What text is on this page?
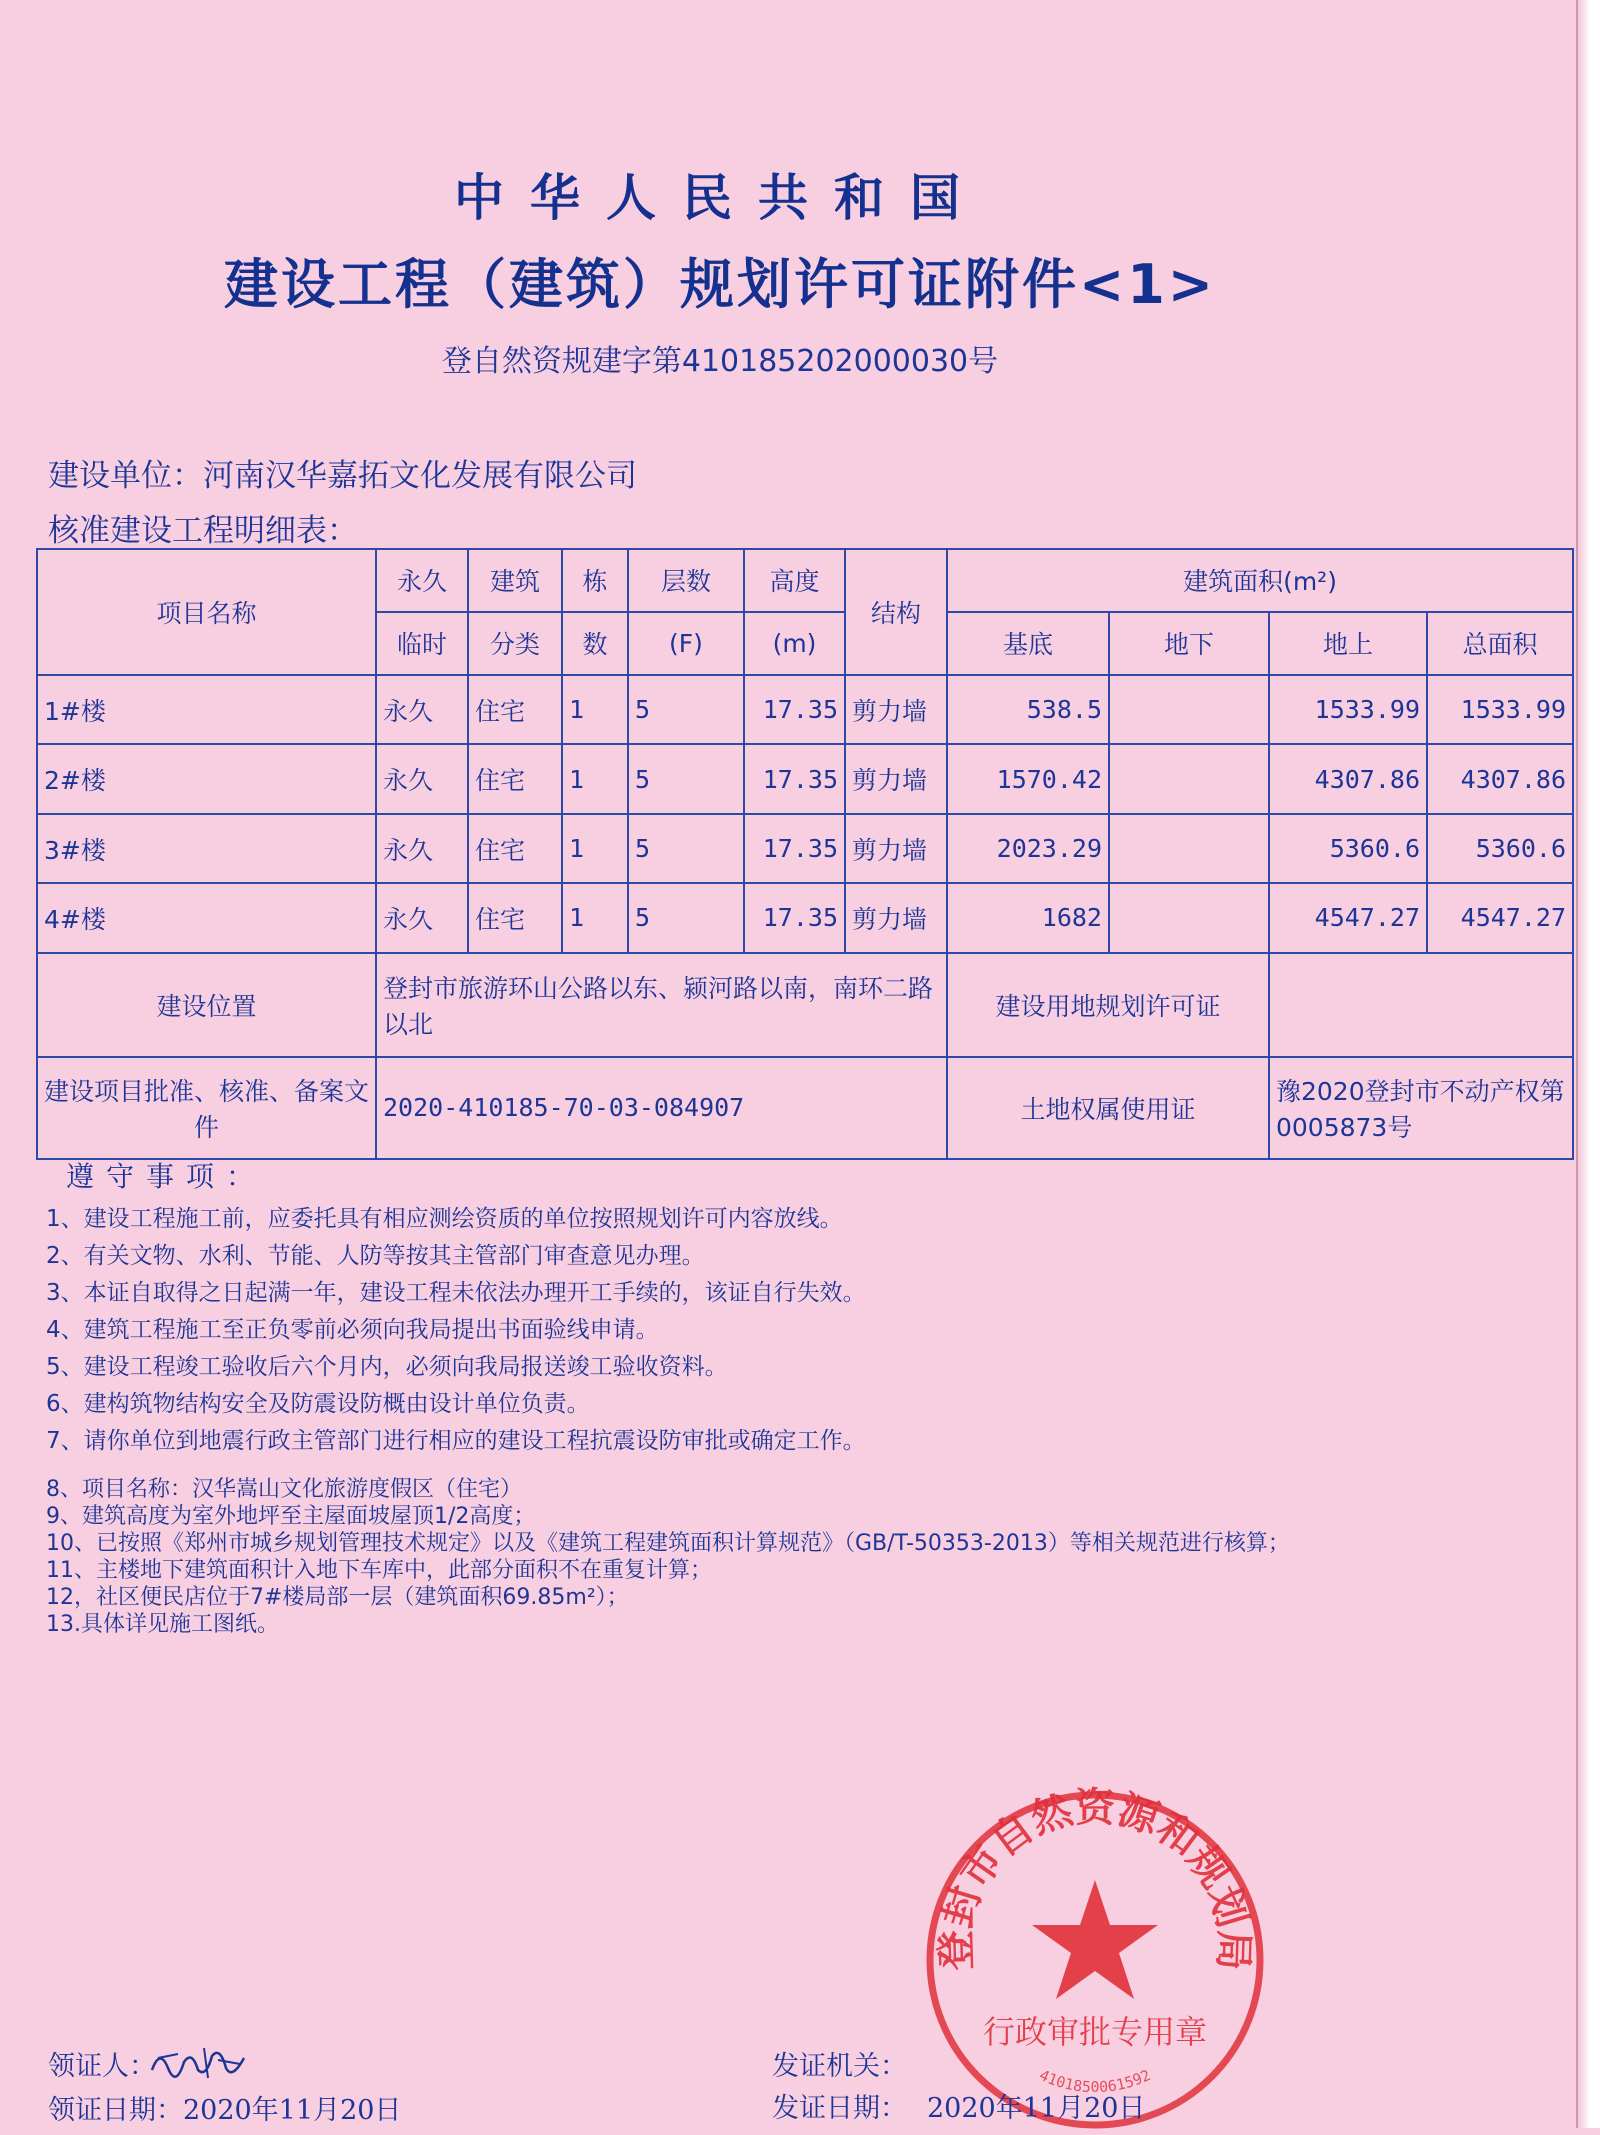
中华人民共和国
建设工程（建筑）规划许可证附件<1>
登自然资规建字第410185202000030号
建设单位：河南汉华嘉拓文化发展有限公司
核准建设工程明细表：
项目名称	永久	建筑	栋	层数	高度	结构	建筑面积(m²)			
	临时	分类	数	(F)	(m)		基底	地下	地上	总面积
1#楼	永久	住宅	1	5	17.35	剪力墙	538.5		1533.99	1533.99
2#楼	永久	住宅	1	5	17.35	剪力墙	1570.42		4307.86	4307.86
3#楼	永久	住宅	1	5	17.35	剪力墙	2023.29		5360.6	5360.6
4#楼	永久	住宅	1	5	17.35	剪力墙	1682		4547.27	4547.27
建设位置	登封市旅游环山公路以东、颍河路以南，南环二路以北						建设用地规划许可证			
建设项目批准、核准、备案文件	2020-410185-70-03-084907						土地权属使用证		豫2020登封市不动产权第0005873号	
遵守事项：
1、建设工程施工前，应委托具有相应测绘资质的单位按照规划许可内容放线。
2、有关文物、水利、节能、人防等按其主管部门审查意见办理。
3、本证自取得之日起满一年，建设工程未依法办理开工手续的，该证自行失效。
4、建筑工程施工至正负零前必须向我局提出书面验线申请。
5、建设工程竣工验收后六个月内，必须向我局报送竣工验收资料。
6、建构筑物结构安全及防震设防概由设计单位负责。
7、请你单位到地震行政主管部门进行相应的建设工程抗震设防审批或确定工作。
8、项目名称：汉华嵩山文化旅游度假区（住宅）
9、建筑高度为室外地坪至主屋面坡屋顶1/2高度；
10、已按照《郑州市城乡规划管理技术规定》以及《建筑工程建筑面积计算规范》（GB/T-50353-2013）等相关规范进行核算；
11、主楼地下建筑面积计入地下车库中，此部分面积不在重复计算；
12，社区便民店位于7#楼局部一层（建筑面积69.85m²）；
13.具体详见施工图纸。
登封市自然资源和规划局
行政审批专用章
4101850061592
领证人：
领证日期：2020年11月20日
发证机关：
发证日期： 2020年11月20日
